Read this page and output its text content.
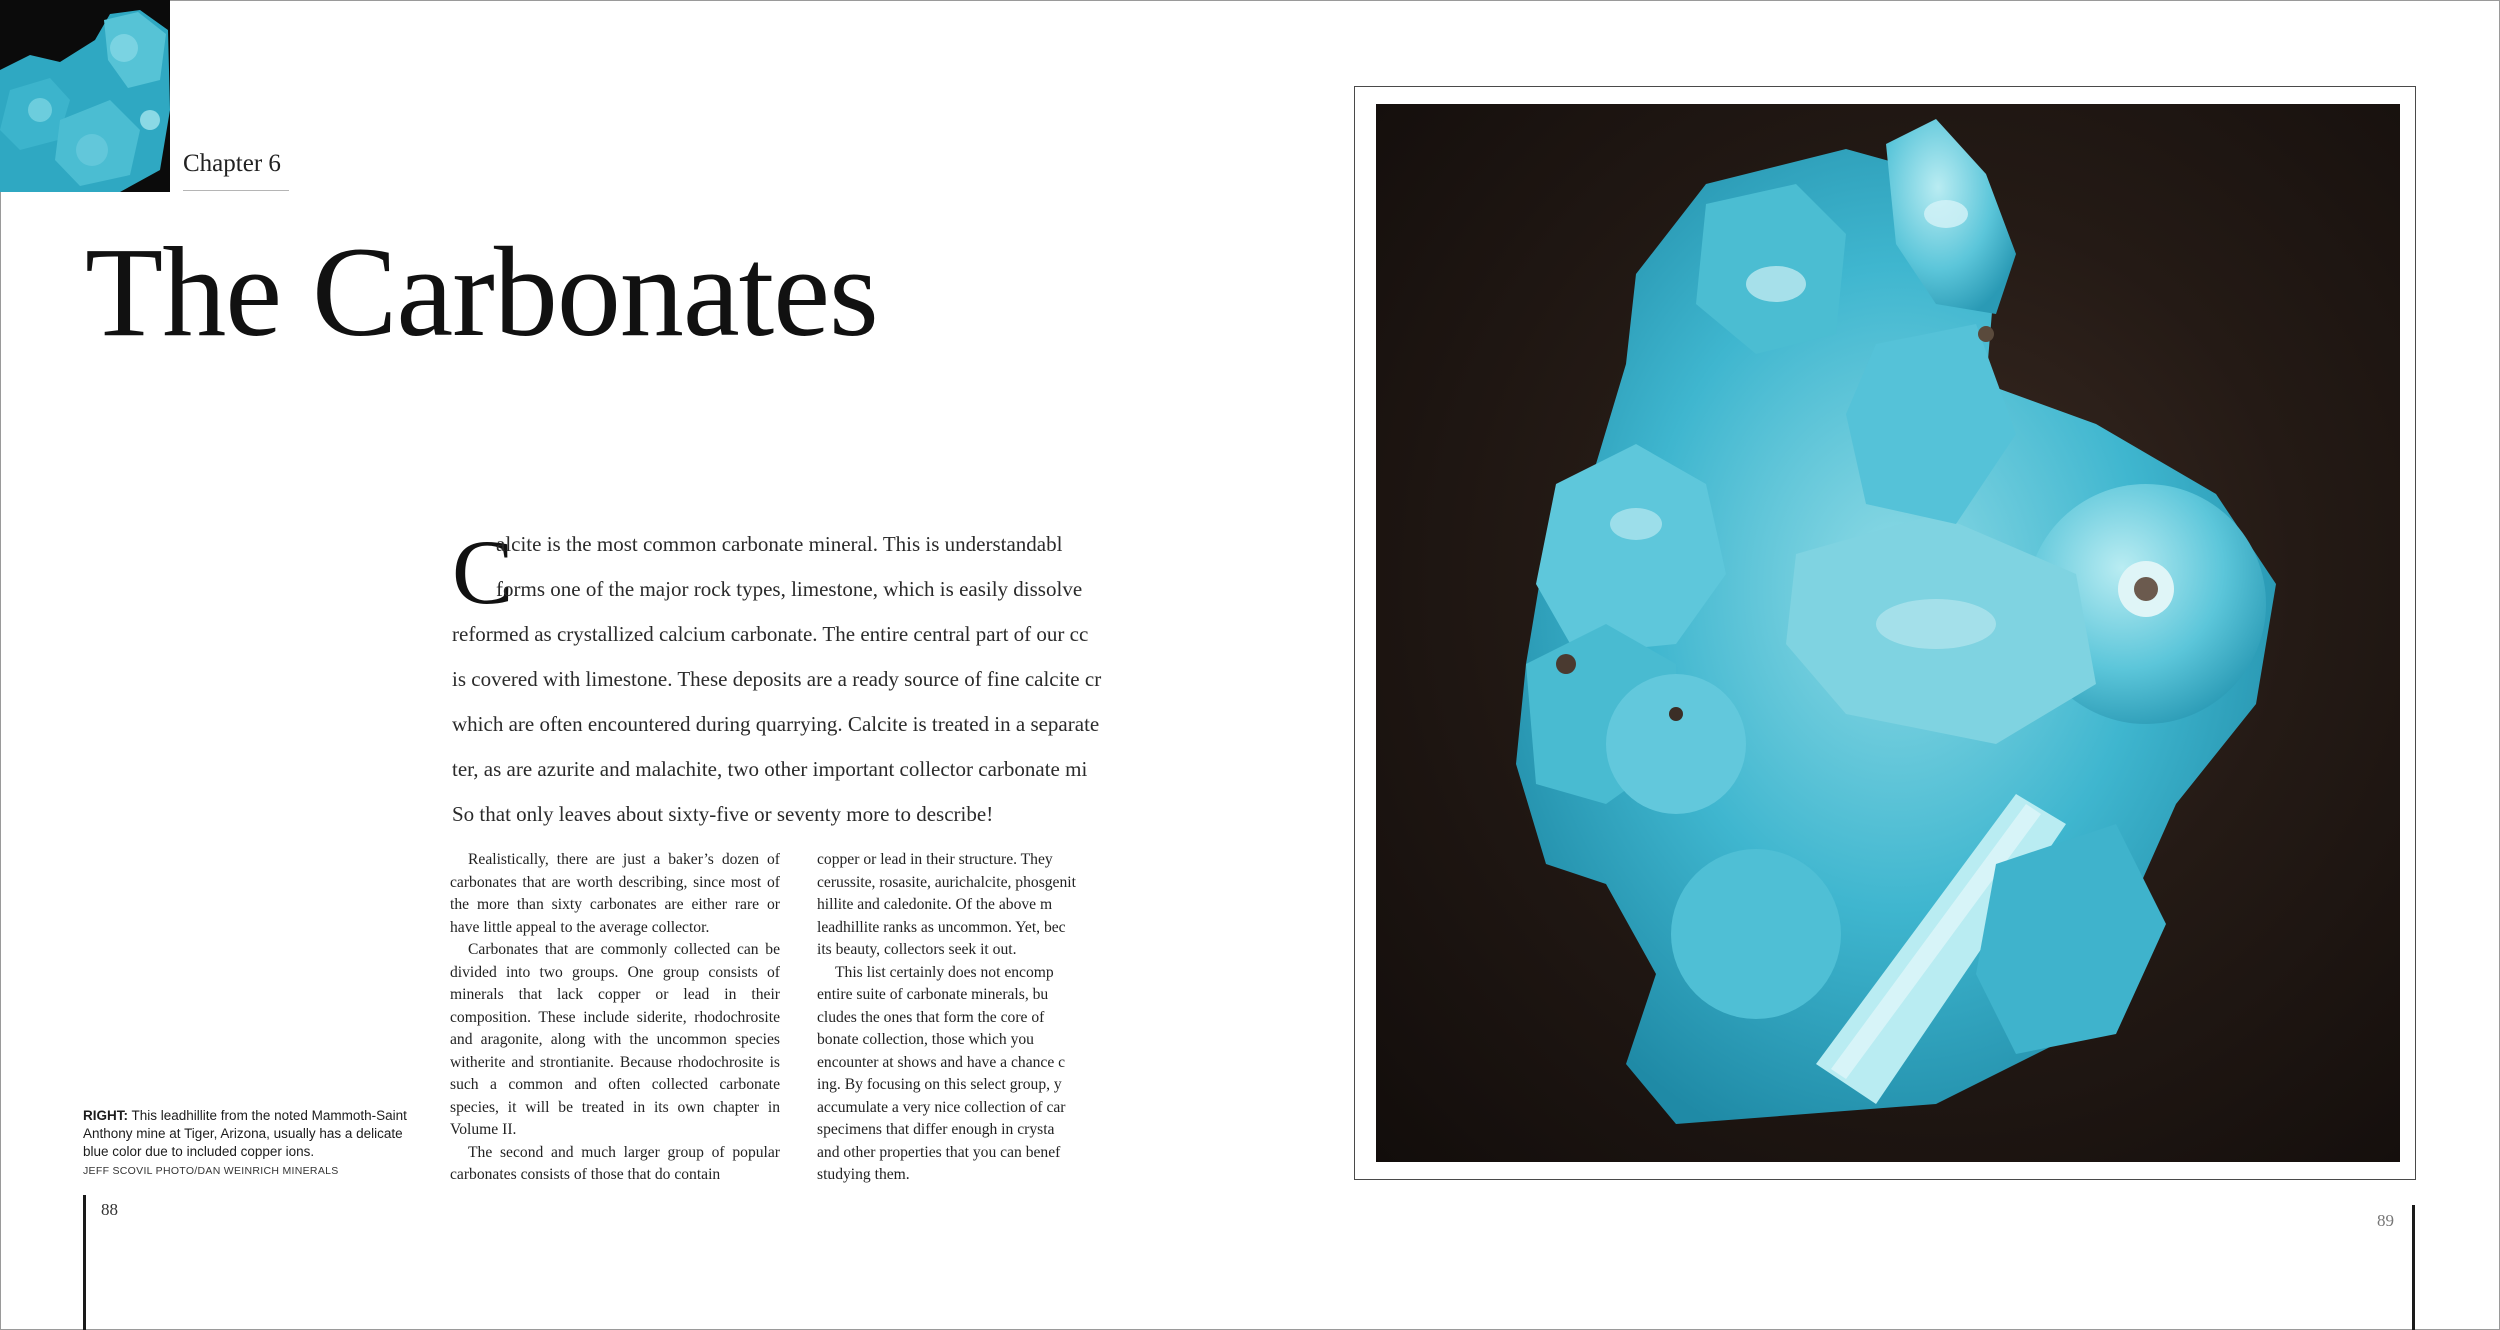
Chapter 6
The Carbonates
C
alcite is the most common carbonate mineral. This is understandabl
forms one of the major rock types, limestone, which is easily dissolve
reformed as crystallized calcium carbonate. The entire central part of our cc
is covered with limestone. These deposits are a ready source of fine calcite cr
which are often encountered during quarrying. Calcite is treated in a separate
ter, as are azurite and malachite, two other important collector carbonate mi
So that only leaves about sixty-five or seventy more to describe!

Realistically, there are just a baker’s dozen of carbonates that are worth describing, since most of the more than sixty carbonates are either rare or have little appeal to the average collector.

Carbonates that are commonly collected can be divided into two groups. One group consists of minerals that lack copper or lead in their composition. These include siderite, rhodochrosite and aragonite, along with the uncommon species witherite and strontianite. Because rhodochrosite is such a common and often collected carbonate species, it will be treated in its own chapter in Volume II.

The second and much larger group of popular carbonates consists of those that do contain

copper or lead in their structure. They
cerussite, rosasite, aurichalcite, phosgenit
hillite and caledonite. Of the above m
leadhillite ranks as uncommon. Yet, bec
its beauty, collectors seek it out.
This list certainly does not encomp
entire suite of carbonate minerals, bu
cludes the ones that form the core of
bonate collection, those which you
encounter at shows and have a chance c
ing. By focusing on this select group, y
accumulate a very nice collection of car
specimens that differ enough in crysta
and other properties that you can benef
studying them.
RIGHT: This leadhillite from the noted Mammoth-Saint Anthony mine at Tiger, Arizona, usually has a delicate blue color due to included copper ions.
JEFF SCOVIL PHOTO/DAN WEINRICH MINERALS
88
89
